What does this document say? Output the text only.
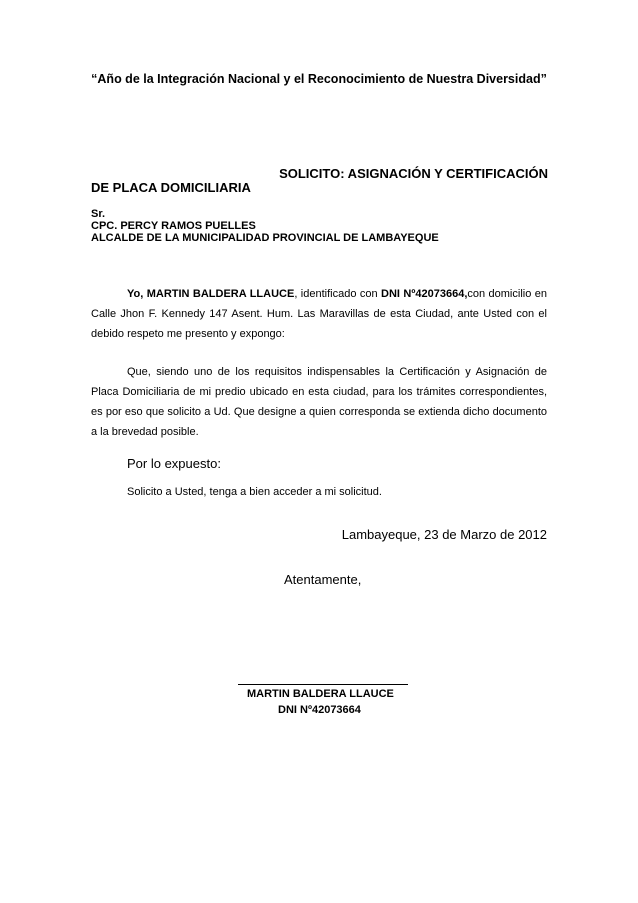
“Año de la Integración Nacional y el Reconocimiento de Nuestra Diversidad”
SOLICITO: ASIGNACIÓN Y CERTIFICACIÓN
DE PLACA DOMICILIARIA
Sr.
CPC. PERCY RAMOS PUELLES
ALCALDE DE LA MUNICIPALIDAD PROVINCIAL DE LAMBAYEQUE
Yo, MARTIN BALDERA LLAUCE, identificado con DNI Nº42073664,con domicilio en Calle Jhon F. Kennedy 147 Asent. Hum. Las Maravillas de esta Ciudad, ante Usted con el debido respeto me presento y expongo:
Que, siendo uno de los requisitos indispensables la Certificación y Asignación de Placa Domiciliaria de mi predio ubicado en esta ciudad, para los trámites correspondientes, es por eso que solicito a Ud. Que designe a quien corresponda se extienda dicho documento a la brevedad posible.
Por lo expuesto:
Solicito a Usted, tenga a bien acceder a mi solicitud.
Lambayeque, 23 de Marzo de 2012
Atentamente,
MARTIN BALDERA LLAUCE
DNI Nº42073664
